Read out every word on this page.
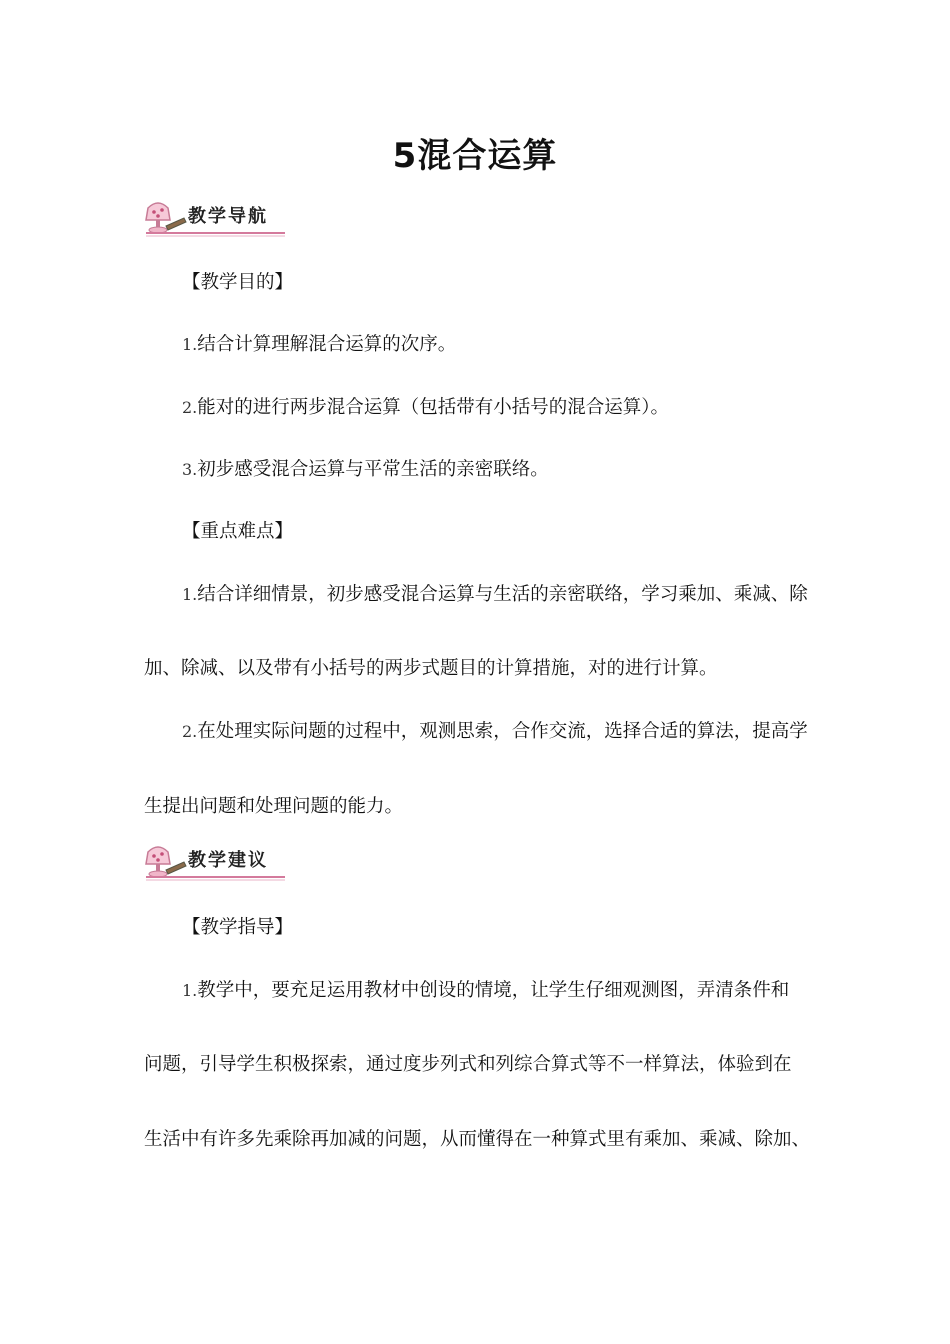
5混合运算
教学导航
【教学目的】
1.结合计算理解混合运算的次序。
2.能对的进行两步混合运算（包括带有小括号的混合运算）。
3.初步感受混合运算与平常生活的亲密联络。
【重点难点】
1.结合详细情景，初步感受混合运算与生活的亲密联络，学习乘加、乘减、除
加、除减、以及带有小括号的两步式题目的计算措施，对的进行计算。
2.在处理实际问题的过程中，观测思索，合作交流，选择合适的算法，提高学
生提出问题和处理问题的能力。
教学建议
【教学指导】
1.教学中，要充足运用教材中创设的情境，让学生仔细观测图，弄清条件和
问题，引导学生积极探索，通过度步列式和列综合算式等不一样算法，体验到在
生活中有许多先乘除再加减的问题，从而懂得在一种算式里有乘加、乘减、除加、
